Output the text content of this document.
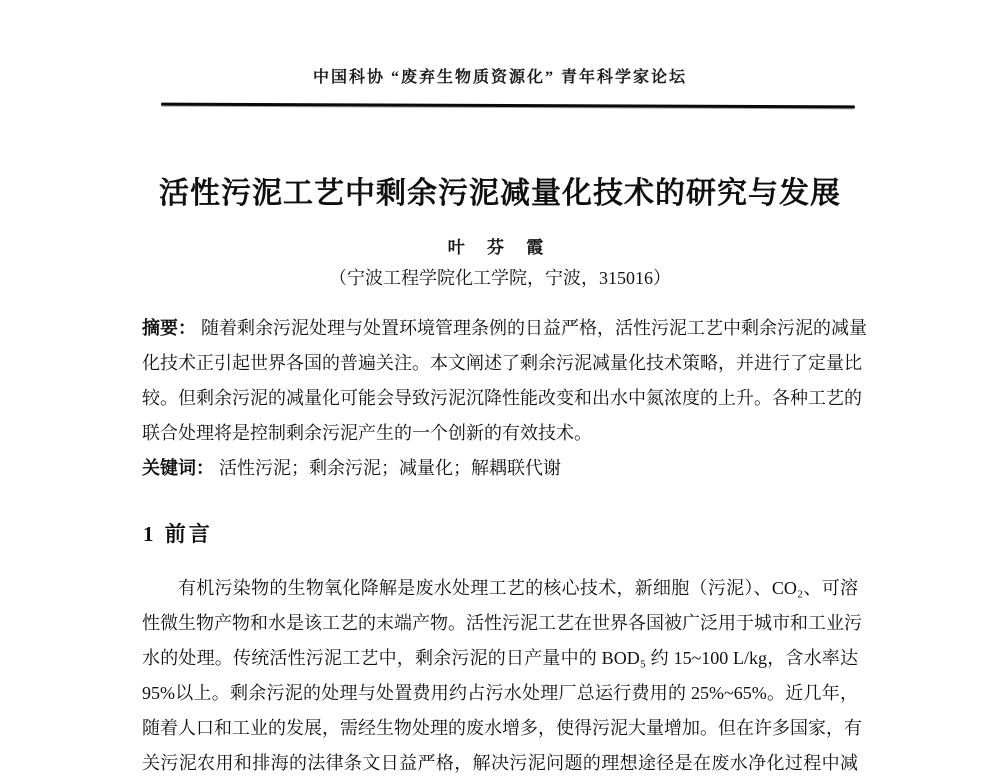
中国科协 “废弃生物质资源化” 青年科学家论坛
活性污泥工艺中剩余污泥减量化技术的研究与发展
叶 芬 霞
（宁波工程学院化工学院，宁波，315016）
摘要： 随着剩余污泥处理与处置环境管理条例的日益严格，活性污泥工艺中剩余污泥的减量
化技术正引起世界各国的普遍关注。本文阐述了剩余污泥减量化技术策略，并进行了定量比
较。但剩余污泥的减量化可能会导致污泥沉降性能改变和出水中氮浓度的上升。各种工艺的
联合处理将是控制剩余污泥产生的一个创新的有效技术。
关键词： 活性污泥；剩余污泥；减量化；解耦联代谢
1 前言
有机污染物的生物氧化降解是废水处理工艺的核心技术，新细胞（污泥）、CO₂、可溶
性微生物产物和水是该工艺的末端产物。活性污泥工艺在世界各国被广泛用于城市和工业污
水的处理。传统活性污泥工艺中，剩余污泥的日产量中的 BOD₅ 约 15~100 L/kg，含水率达
95%以上。剩余污泥的处理与处置费用约占污水处理厂总运行费用的 25%~65%。近几年，
随着人口和工业的发展，需经生物处理的废水增多，使得污泥大量增加。但在许多国家，有
关污泥农用和排海的法律条文日益严格，解决污泥问题的理想途径是在废水净化过程中减
